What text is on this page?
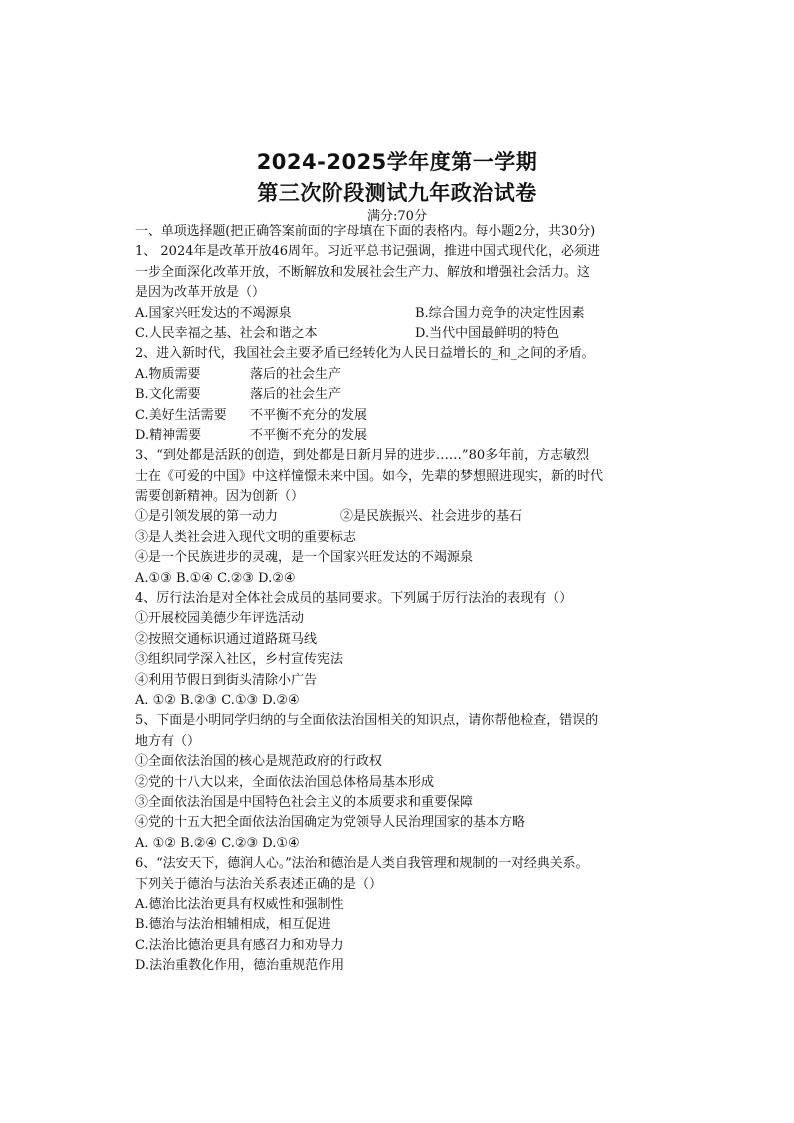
2024-2025学年度第一学期
第三次阶段测试九年政治试卷
满分:70分
一、单项选择题(把正确答案前面的字母填在下面的表格内。每小题2分，共30分)
1、 2024年是改革开放46周年。习近平总书记强调，推进中国式现代化，必须进
一步全面深化改革开放，不断解放和发展社会生产力、解放和增强社会活力。这
是因为改革开放是（）
A.国家兴旺发达的不竭源泉	B.综合国力竞争的决定性因素
C.人民幸福之基、社会和谐之本	D.当代中国最鲜明的特色
2、进入新时代，我国社会主要矛盾已经转化为人民日益增长的_和_之间的矛盾。
A.物质需要	落后的社会生产
B.文化需要	落后的社会生产
C.美好生活需要	不平衡不充分的发展
D.精神需要	不平衡不充分的发展
3、“到处都是活跃的创造，到处都是日新月异的进步……”80多年前，方志敏烈
士在《可爱的中国》中这样憧憬未来中国。如今，先辈的梦想照进现实，新的时代
需要创新精神。因为创新（）
①是引领发展的第一动力	②是民族振兴、社会进步的基石
③是人类社会进入现代文明的重要标志
④是一个民族进步的灵魂，是一个国家兴旺发达的不竭源泉
A.①③ B.①④ C.②③ D.②④
4、厉行法治是对全体社会成员的基同要求。下列属于厉行法治的表现有（）
①开展校园美德少年评选活动
②按照交通标识通过道路斑马线
③组织同学深入社区，乡村宣传宪法
④利用节假日到街头清除小广告
A. ①② B.②③ C.①③ D.②④
5、下面是小明同学归纳的与全面依法治国相关的知识点，请你帮他检查，错误的
地方有（）
①全面依法治国的核心是规范政府的行政权
②党的十八大以来，全面依法治国总体格局基本形成
③全面依法治国是中国特色社会主义的本质要求和重要保障
④党的十五大把全面依法治国确定为党领导人民治理国家的基本方略
A. ①② B.②④ C.②③ D.①④
6、“法安天下，德润人心。”法治和德治是人类自我管理和规制的一对经典关系。
下列关于德治与法治关系表述正确的是（）
A.德治比法治更具有权威性和强制性
B.德治与法治相辅相成，相互促进
C.法治比德治更具有感召力和劝导力
D.法治重教化作用，德治重规范作用
